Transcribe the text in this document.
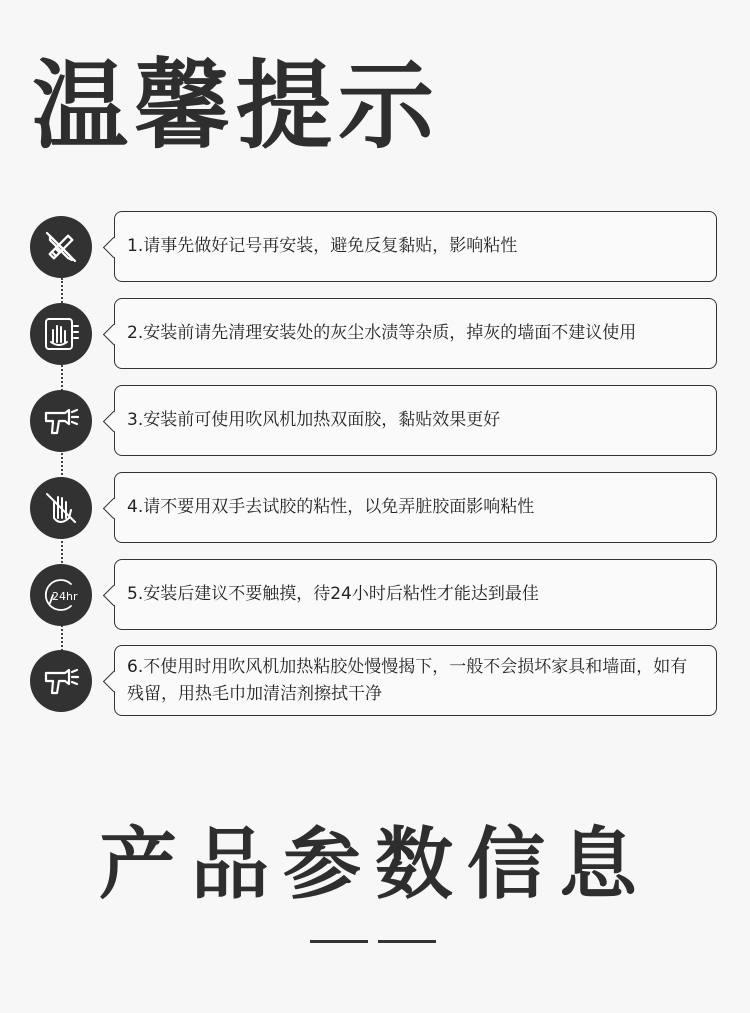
温馨提示
1.请事先做好记号再安装，避免反复黏贴，影响粘性
2.安装前请先清理安装处的灰尘水渍等杂质，掉灰的墙面不建议使用
3.安装前可使用吹风机加热双面胶，黏贴效果更好
4.请不要用双手去试胶的粘性，以免弄脏胶面影响粘性
24hr	5.安装后建议不要触摸，待24小时后粘性才能达到最佳
6.不使用时用吹风机加热粘胶处慢慢揭下，一般不会损坏家具和墙面，如有残留，用热毛巾加清洁剂擦拭干净
产品参数信息
